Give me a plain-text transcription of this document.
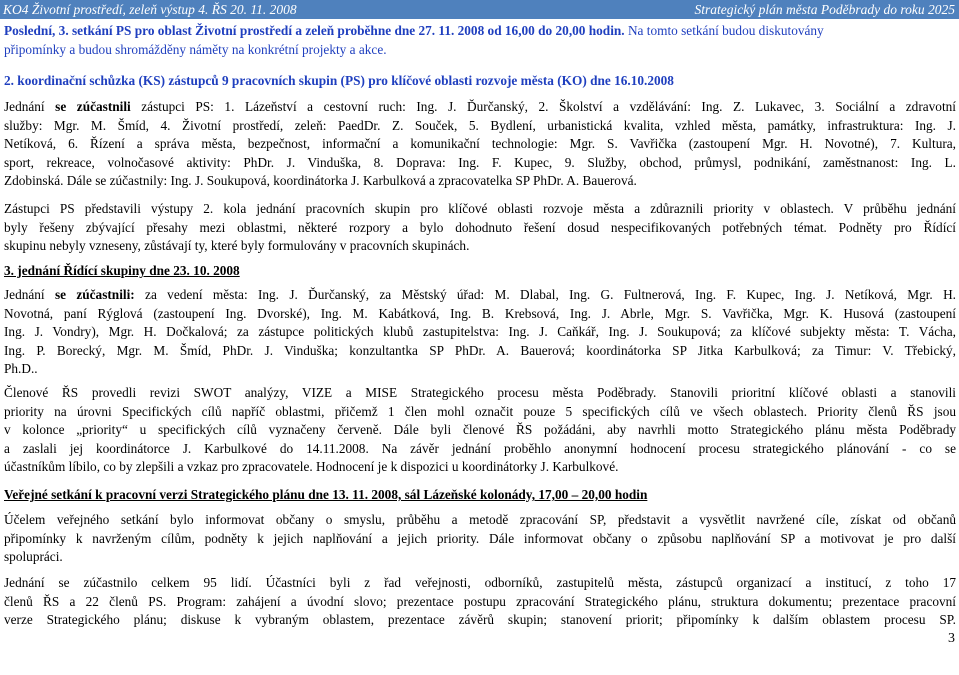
KO4 Životní prostředí, zeleň výstup 4. ŘS 20. 11. 2008	Strategický plán města Poděbrady do roku 2025
Poslední, 3. setkání PS pro oblast Životní prostředí a zeleň proběhne dne 27. 11. 2008 od 16,00 do 20,00 hodin. Na tomto setkání budou diskutovány
připomínky a budou shromážděny náměty na konkrétní projekty a akce.
2. koordinační schůzka (KS) zástupců 9 pracovních skupin (PS) pro klíčové oblasti rozvoje města (KO) dne 16.10.2008
Jednání se zúčastnili zástupci PS: 1. Lázeňství a cestovní ruch: Ing. J. Ďurčanský, 2. Školství a vzdělávání: Ing. Z. Lukavec, 3. Sociální a zdravotní
služby: Mgr. M. Šmíd, 4. Životní prostředí, zeleň: PaedDr. Z. Souček, 5. Bydlení, urbanistická kvalita, vzhled města, památky, infrastruktura: Ing. J.
Netíková, 6. Řízení a správa města, bezpečnost, informační a komunikační technologie: Mgr. S. Vavřička (zastoupení Mgr. H. Novotné), 7. Kultura,
sport, rekreace, volnočasové aktivity: PhDr. J. Vinduška, 8. Doprava: Ing. F. Kupec, 9. Služby, obchod, průmysl, podnikání, zaměstnanost: Ing. L.
Zdobinská. Dále se zúčastnily: Ing. J. Soukupová, koordinátorka J. Karbulková a zpracovatelka SP PhDr. A. Bauerová.
Zástupci PS představili výstupy 2. kola jednání pracovních skupin pro klíčové oblasti rozvoje města a zdůraznili priority v oblastech. V průběhu jednání
byly řešeny zbývající přesahy mezi oblastmi, některé rozpory a bylo dohodnuto řešení dosud nespecifikovaných potřebných témat. Podněty pro Řídící
skupinu nebyly vzneseny, zůstávají ty, které byly formulovány v pracovních skupinách.
3. jednání Řídící skupiny dne 23. 10. 2008
Jednání se zúčastnili: za vedení města: Ing. J. Ďurčanský, za Městský úřad: M. Dlabal, Ing. G. Fultnerová, Ing. F. Kupec, Ing. J. Netíková, Mgr. H.
Novotná, paní Rýglová (zastoupení Ing. Dvorské), Ing. M. Kabátková, Ing. B. Krebsová, Ing. J. Abrle, Mgr. S. Vavřička, Mgr. K. Husová (zastoupení
Ing. J. Vondry), Mgr. H. Dočkalová; za zástupce politických klubů zastupitelstva: Ing. J. Caňkář, Ing. J. Soukupová; za klíčové subjekty města: T. Vácha,
Ing. P. Borecký, Mgr. M. Šmíd, PhDr. J. Vinduška; konzultantka SP PhDr. A. Bauerová; koordinátorka SP Jitka Karbulková; za Timur: V. Třebický,
Ph.D..
Členové ŘS provedli revizi SWOT analýzy, VIZE a MISE Strategického procesu města Poděbrady. Stanovili prioritní klíčové oblasti a stanovili
priority na úrovni Specifických cílů napříč oblastmi, přičemž 1 člen mohl označit pouze 5 specifických cílů ve všech oblastech. Priority členů ŘS jsou
v kolonce „priority“ u specifických cílů vyznačeny červeně. Dále byli členové ŘS požádáni, aby navrhli motto Strategického plánu města Poděbrady
a zaslali jej koordinátorce J. Karbulkové do 14.11.2008. Na závěr jednání proběhlo anonymní hodnocení procesu strategického plánování - co se
účastníkům líbilo, co by zlepšili a vzkaz pro zpracovatele. Hodnocení je k dispozici u koordinátorky J. Karbulkové.
Veřejné setkání k pracovní verzi Strategického plánu dne 13. 11. 2008, sál Lázeňské kolonády, 17,00 – 20,00 hodin
Účelem veřejného setkání bylo informovat občany o smyslu, průběhu a metodě zpracování SP, představit a vysvětlit navržené cíle, získat od občanů
připomínky k navrženým cílům, podněty k jejich naplňování a jejich priority. Dále informovat občany o způsobu naplňování SP a motivovat je pro další
spolupráci.
Jednání se zúčastnilo celkem 95 lidí. Účastníci byli z řad veřejnosti, odborníků, zastupitelů města, zástupců organizací a institucí, z toho 17
členů ŘS a 22 členů PS. Program: zahájení a úvodní slovo; prezentace postupu zpracování Strategického plánu, struktura dokumentu; prezentace pracovní
verze Strategického plánu; diskuse k vybraným oblastem, prezentace závěrů skupin; stanovení priorit; připomínky k dalším oblastem procesu SP.
3
